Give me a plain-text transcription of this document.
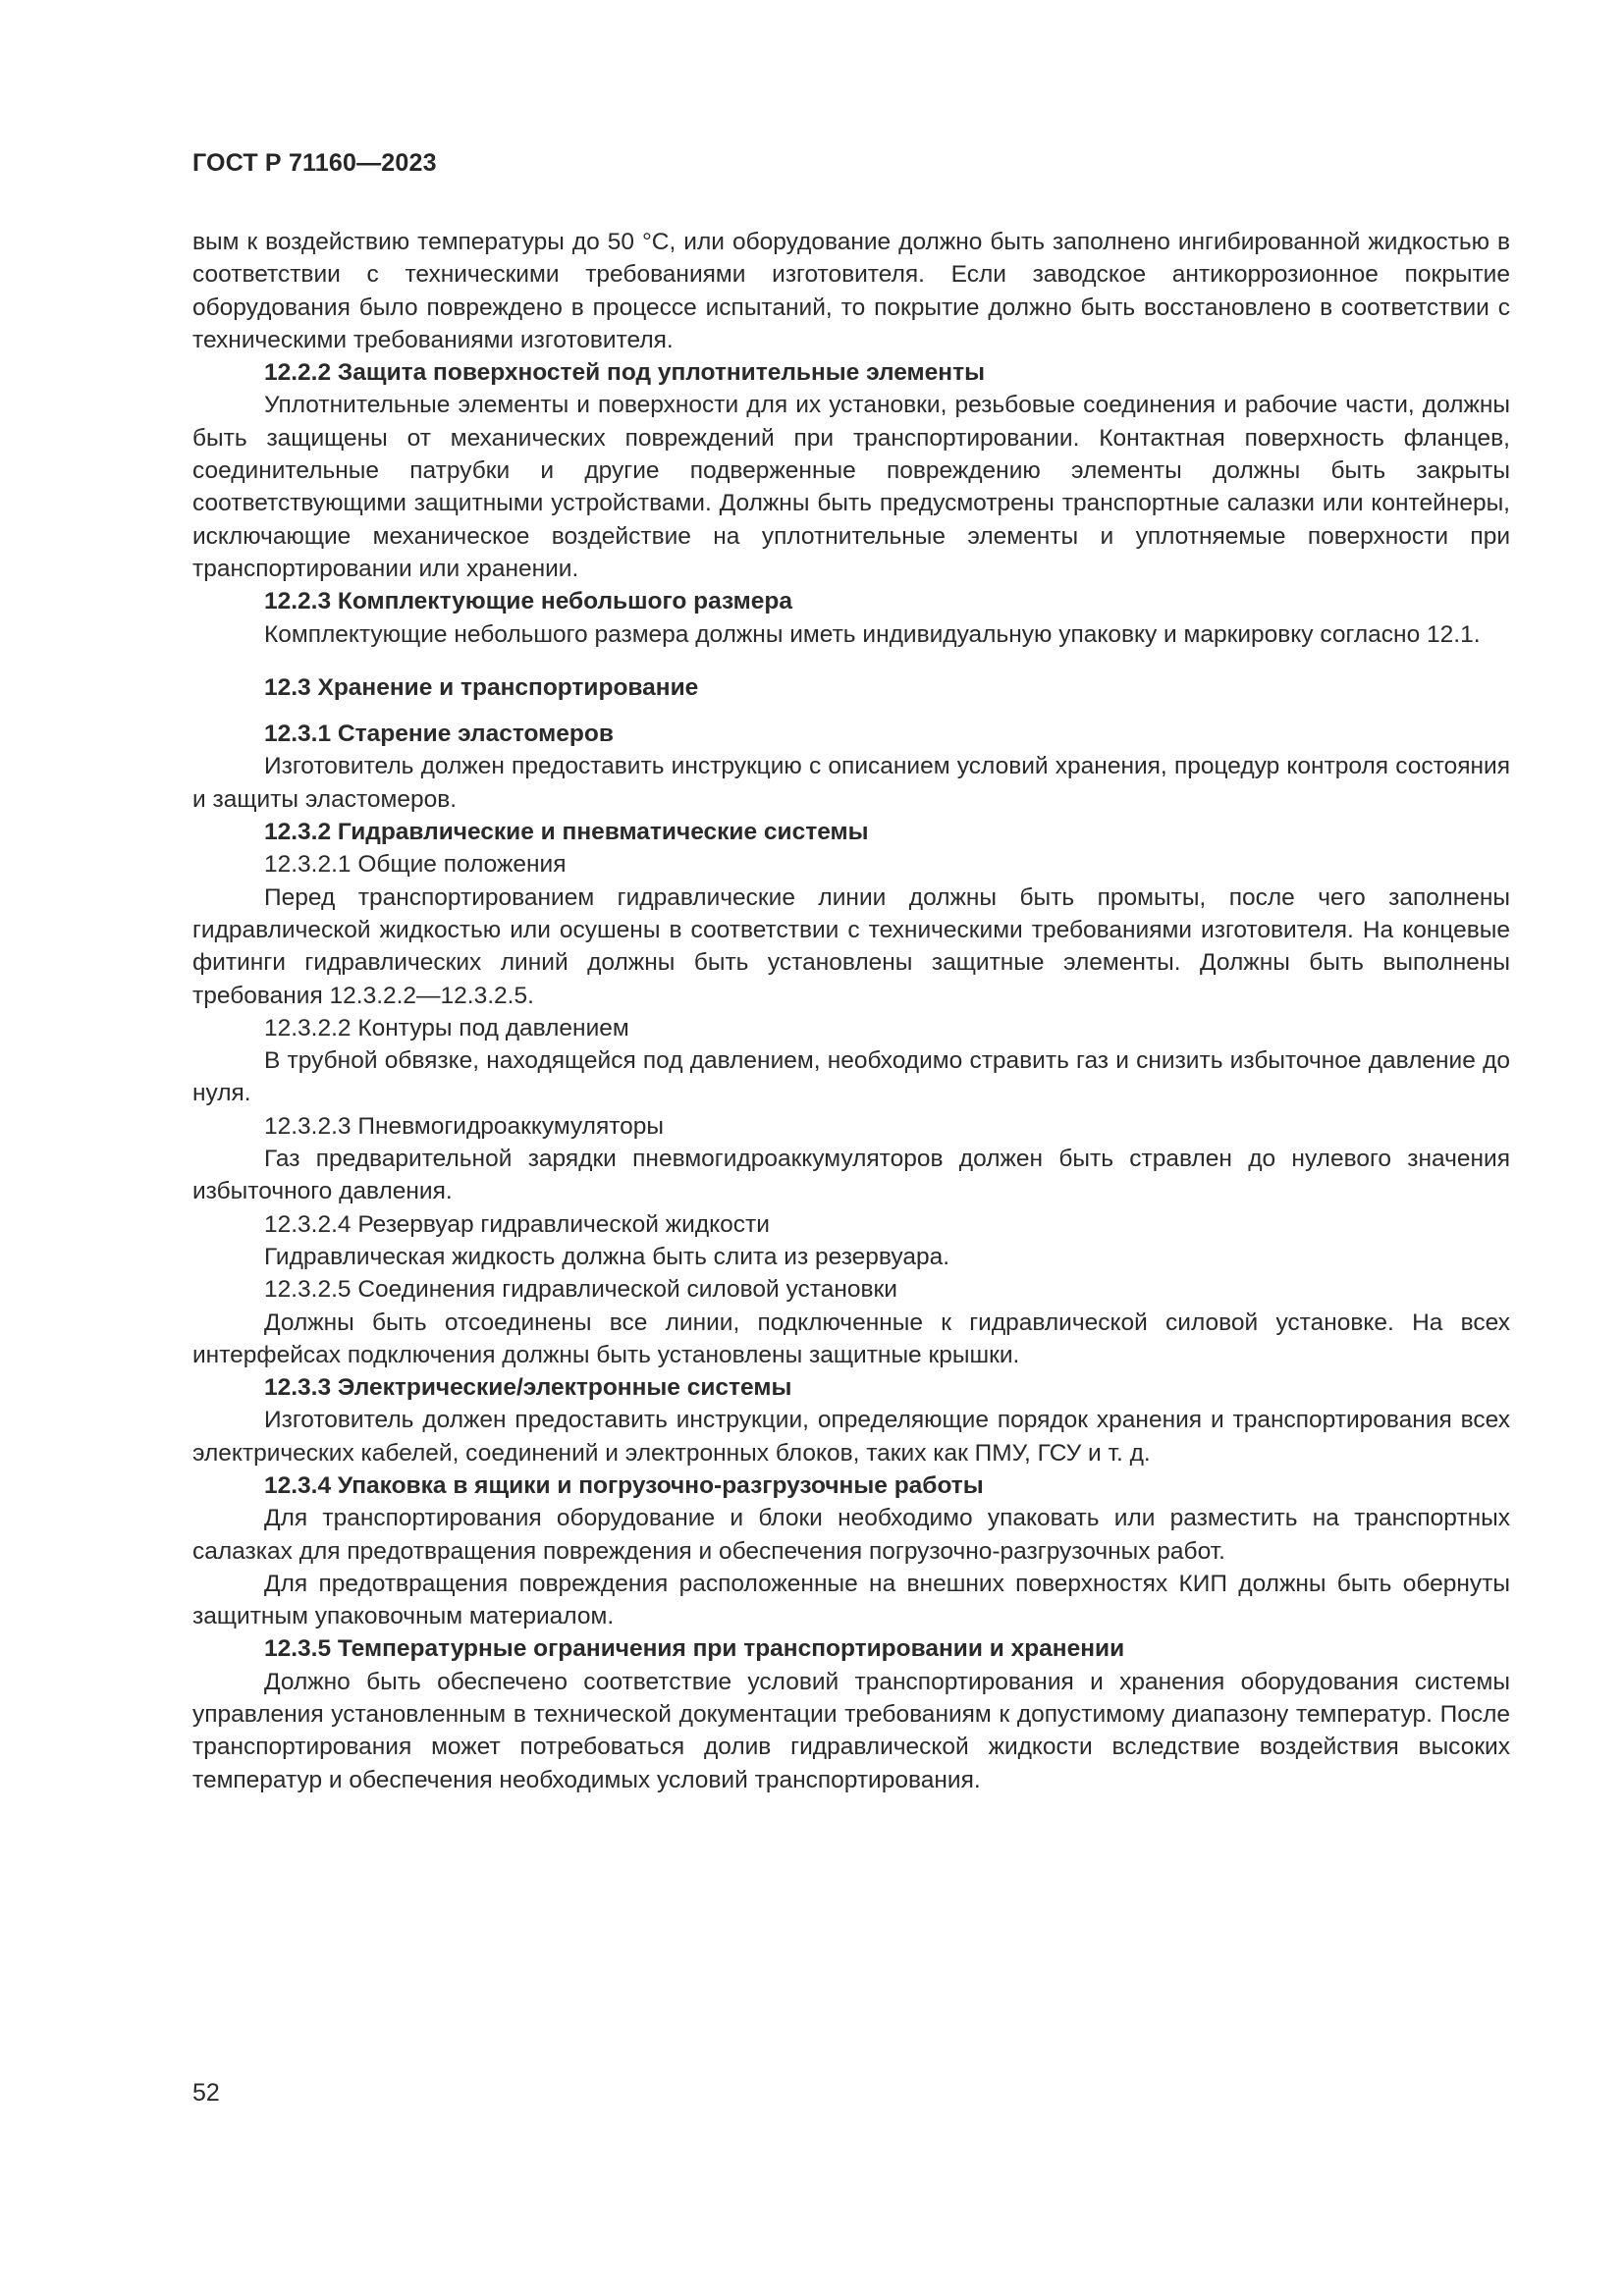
ГОСТ Р 71160—2023

вым к воздействию температуры до 50 °C, или оборудование должно быть заполнено ингибированной жидкостью в соответствии с техническими требованиями изготовителя. Если заводское антикоррозионное покрытие оборудования было повреждено в процессе испытаний, то покрытие должно быть восстановлено в соответствии с техническими требованиями изготовителя.

12.2.2 Защита поверхностей под уплотнительные элементы

Уплотнительные элементы и поверхности для их установки, резьбовые соединения и рабочие части, должны быть защищены от механических повреждений при транспортировании. Контактная поверхность фланцев, соединительные патрубки и другие подверженные повреждению элементы должны быть закрыты соответствующими защитными устройствами. Должны быть предусмотрены транспортные салазки или контейнеры, исключающие механическое воздействие на уплотнительные элементы и уплотняемые поверхности при транспортировании или хранении.

12.2.3 Комплектующие небольшого размера

Комплектующие небольшого размера должны иметь индивидуальную упаковку и маркировку согласно 12.1.

12.3 Хранение и транспортирование

12.3.1 Старение эластомеров

Изготовитель должен предоставить инструкцию с описанием условий хранения, процедур контроля состояния и защиты эластомеров.

12.3.2 Гидравлические и пневматические системы

12.3.2.1 Общие положения

Перед транспортированием гидравлические линии должны быть промыты, после чего заполнены гидравлической жидкостью или осушены в соответствии с техническими требованиями изготовителя. На концевые фитинги гидравлических линий должны быть установлены защитные элементы. Должны быть выполнены требования 12.3.2.2—12.3.2.5.

12.3.2.2 Контуры под давлением

В трубной обвязке, находящейся под давлением, необходимо стравить газ и снизить избыточное давление до нуля.

12.3.2.3 Пневмогидроаккумуляторы

Газ предварительной зарядки пневмогидроаккумуляторов должен быть стравлен до нулевого значения избыточного давления.

12.3.2.4 Резервуар гидравлической жидкости

Гидравлическая жидкость должна быть слита из резервуара.

12.3.2.5 Соединения гидравлической силовой установки

Должны быть отсоединены все линии, подключенные к гидравлической силовой установке. На всех интерфейсах подключения должны быть установлены защитные крышки.

12.3.3 Электрические/электронные системы

Изготовитель должен предоставить инструкции, определяющие порядок хранения и транспортирования всех электрических кабелей, соединений и электронных блоков, таких как ПМУ, ГСУ и т. д.

12.3.4 Упаковка в ящики и погрузочно-разгрузочные работы

Для транспортирования оборудование и блоки необходимо упаковать или разместить на транспортных салазках для предотвращения повреждения и обеспечения погрузочно-разгрузочных работ.

Для предотвращения повреждения расположенные на внешних поверхностях КИП должны быть обернуты защитным упаковочным материалом.

12.3.5 Температурные ограничения при транспортировании и хранении

Должно быть обеспечено соответствие условий транспортирования и хранения оборудования системы управления установленным в технической документации требованиям к допустимому диапазону температур. После транспортирования может потребоваться долив гидравлической жидкости вследствие воздействия высоких температур и обеспечения необходимых условий транспортирования.

52
